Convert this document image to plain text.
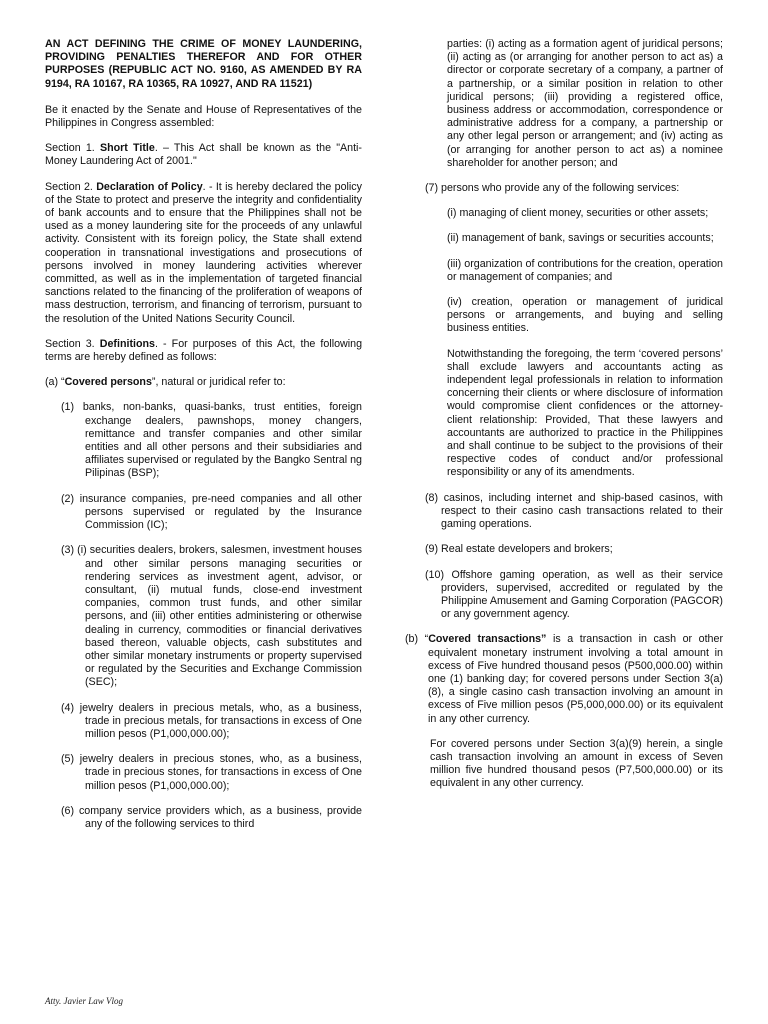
AN ACT DEFINING THE CRIME OF MONEY LAUNDERING, PROVIDING PENALTIES THEREFOR AND FOR OTHER PURPOSES (REPUBLIC ACT NO. 9160, AS AMENDED BY RA 9194, RA 10167, RA 10365, RA 10927, AND RA 11521)

Be it enacted by the Senate and House of Representatives of the Philippines in Congress assembled:

Section 1. Short Title. – This Act shall be known as the "Anti-Money Laundering Act of 2001."

Section 2. Declaration of Policy. - It is hereby declared the policy of the State to protect and preserve the integrity and confidentiality of bank accounts and to ensure that the Philippines shall not be used as a money laundering site for the proceeds of any unlawful activity. Consistent with its foreign policy, the State shall extend cooperation in transnational investigations and prosecutions of persons involved in money laundering activities wherever committed, as well as in the implementation of targeted financial sanctions related to the financing of the proliferation of weapons of mass destruction, terrorism, and financing of terrorism, pursuant to the resolution of the United Nations Security Council.

Section 3. Definitions. - For purposes of this Act, the following terms are hereby defined as follows:

(a) “Covered persons”, natural or juridical refer to:

(1) banks, non-banks, quasi-banks, trust entities, foreign exchange dealers, pawnshops, money changers, remittance and transfer companies and other similar entities and all other persons and their subsidiaries and affiliates supervised or regulated by the Bangko Sentral ng Pilipinas (BSP);

(2) insurance companies, pre-need companies and all other persons supervised or regulated by the Insurance Commission (IC);

(3) (i) securities dealers, brokers, salesmen, investment houses and other similar persons managing securities or rendering services as investment agent, advisor, or consultant, (ii) mutual funds, close-end investment companies, common trust funds, and other similar persons, and (iii) other entities administering or otherwise dealing in currency, commodities or financial derivatives based thereon, valuable objects, cash substitutes and other similar monetary instruments or property supervised or regulated by the Securities and Exchange Commission (SEC);

(4) jewelry dealers in precious metals, who, as a business, trade in precious metals, for transactions in excess of One million pesos (P1,000,000.00);

(5) jewelry dealers in precious stones, who, as a business, trade in precious stones, for transactions in excess of One million pesos (P1,000,000.00);

(6) company service providers which, as a business, provide any of the following services to third

parties: (i) acting as a formation agent of juridical persons; (ii) acting as (or arranging for another person to act as) a director or corporate secretary of a company, a partner of a partnership, or a similar position in relation to other juridical persons; (iii) providing a registered office, business address or accommodation, correspondence or administrative address for a company, a partnership or any other legal person or arrangement; and (iv) acting as (or arranging for another person to act as) a nominee shareholder for another person; and

(7) persons who provide any of the following services:

(i) managing of client money, securities or other assets;

(ii) management of bank, savings or securities accounts;

(iii) organization of contributions for the creation, operation or management of companies; and

(iv) creation, operation or management of juridical persons or arrangements, and buying and selling business entities.

Notwithstanding the foregoing, the term ‘covered persons’ shall exclude lawyers and accountants acting as independent legal professionals in relation to information concerning their clients or where disclosure of information would compromise client confidences or the attorney-client relationship: Provided, That these lawyers and accountants are authorized to practice in the Philippines and shall continue to be subject to the provisions of their respective codes of conduct and/or professional responsibility or any of its amendments.

(8) casinos, including internet and ship-based casinos, with respect to their casino cash transactions related to their gaming operations.

(9) Real estate developers and brokers;

(10) Offshore gaming operation, as well as their service providers, supervised, accredited or regulated by the Philippine Amusement and Gaming Corporation (PAGCOR) or any government agency.

(b) “Covered transactions” is a transaction in cash or other equivalent monetary instrument involving a total amount in excess of Five hundred thousand pesos (P500,000.00) within one (1) banking day; for covered persons under Section 3(a)(8), a single casino cash transaction involving an amount in excess of Five million pesos (P5,000,000.00) or its equivalent in any other currency.

For covered persons under Section 3(a)(9) herein, a single cash transaction involving an amount in excess of Seven million five hundred thousand pesos (P7,500,000.00) or its equivalent in any other currency.

Atty. Javier Law Vlog
